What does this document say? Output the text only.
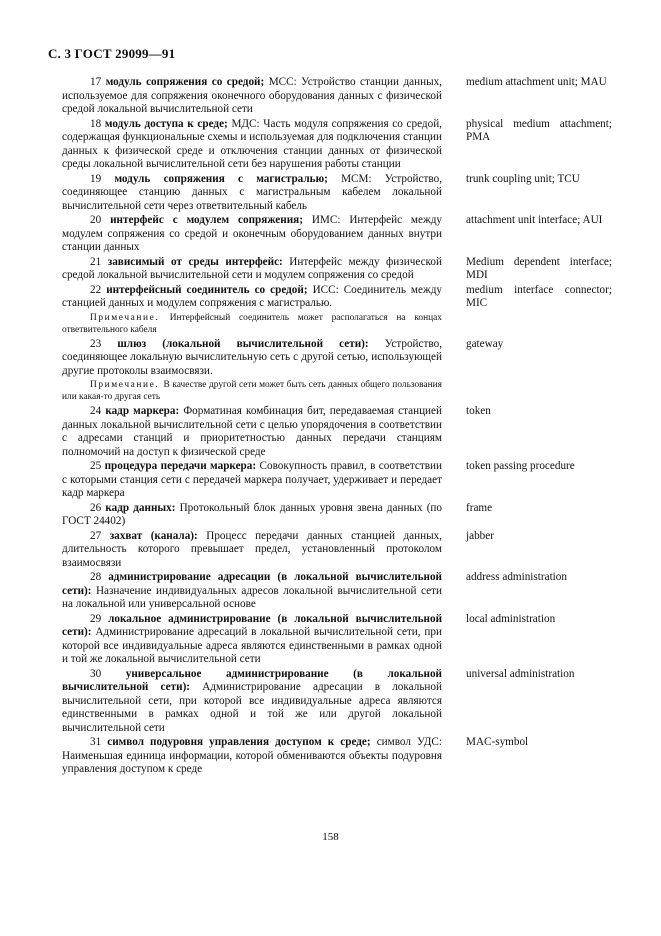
С. 3 ГОСТ 29099—91
17 модуль сопряжения со средой; МСС: Устройство станции данных, используемое для сопряжения оконечного оборудования данных с физической средой локальной вычислительной сети
medium attachment unit; MAU
18 модуль доступа к среде; МДС: Часть модуля сопряжения со средой, содержащая функциональные схемы и используемая для подключения станции данных к физической среде и отключения станции данных от физической среды локальной вычислительной сети без нарушения работы станции
physical medium attachment; PMA
19 модуль сопряжения с магистралью; МСМ: Устройство, соединяющее станцию данных с магистральным кабелем локальной вычислительной сети через ответвительный кабель
trunk coupling unit; TCU
20 интерфейс с модулем сопряжения; ИМС: Интерфейс между модулем сопряжения со средой и оконечным оборудованием данных внутри станции данных
attachment unit interface; AUI
21 зависимый от среды интерфейс: Интерфейс между физической средой локальной вычислительной сети и модулем сопряжения со средой
Medium dependent interface; MDI
22 интерфейсный соединитель со средой; ИСС: Соединитель между станцией данных и модулем сопряжения с магистралью.
medium interface connector; MIC
Примечание. Интерфейсный соединитель может располагаться на концах ответвительного кабеля
23 шлюз (локальной вычислительной сети): Устройство, соединяющее локальную вычислительную сеть с другой сетью, использующей другие протоколы взаимосвязи.
gateway
Примечание. В качестве другой сети может быть сеть данных общего пользования или какая-то другая сеть
24 кадр маркера: Форматиная комбинация бит, передаваемая станцией данных локальной вычислительной сети с целью упорядочения в соответствии с адресами станций и приоритетностью данных передачи станциям полномочий на доступ к физической среде
token
25 процедура передачи маркера: Совокупность правил, в соответствии с которыми станция сети с передачей маркера получает, удерживает и передает кадр маркера
token passing procedure
26 кадр данных: Протокольный блок данных уровня звена данных (по ГОСТ 24402)
frame
27 захват (канала): Процесс передачи данных станцией данных, длительность которого превышает предел, установленный протоколом взаимосвязи
jabber
28 администрирование адресации (в локальной вычислительной сети): Назначение индивидуальных адресов локальной вычислительной сети на локальной или универсальной основе
address administration
29 локальное администрирование (в локальной вычислительной сети): Администрирование адресаций в локальной вычислительной сети, при которой все индивидуальные адреса являются единственными в рамках одной и той же локальной вычислительной сети
local administration
30 универсальное администрирование (в локальной вычислительной сети): Администрирование адресации в локальной вычислительной сети, при которой все индивидуальные адреса являются единственными в рамках одной и той же или другой локальной вычислительной сети
universal administration
31 символ подуровня управления доступом к среде; символ УДС: Наименьшая единица информации, которой обмениваются объекты подуровня управления доступом к среде
MAC-symbol
158
